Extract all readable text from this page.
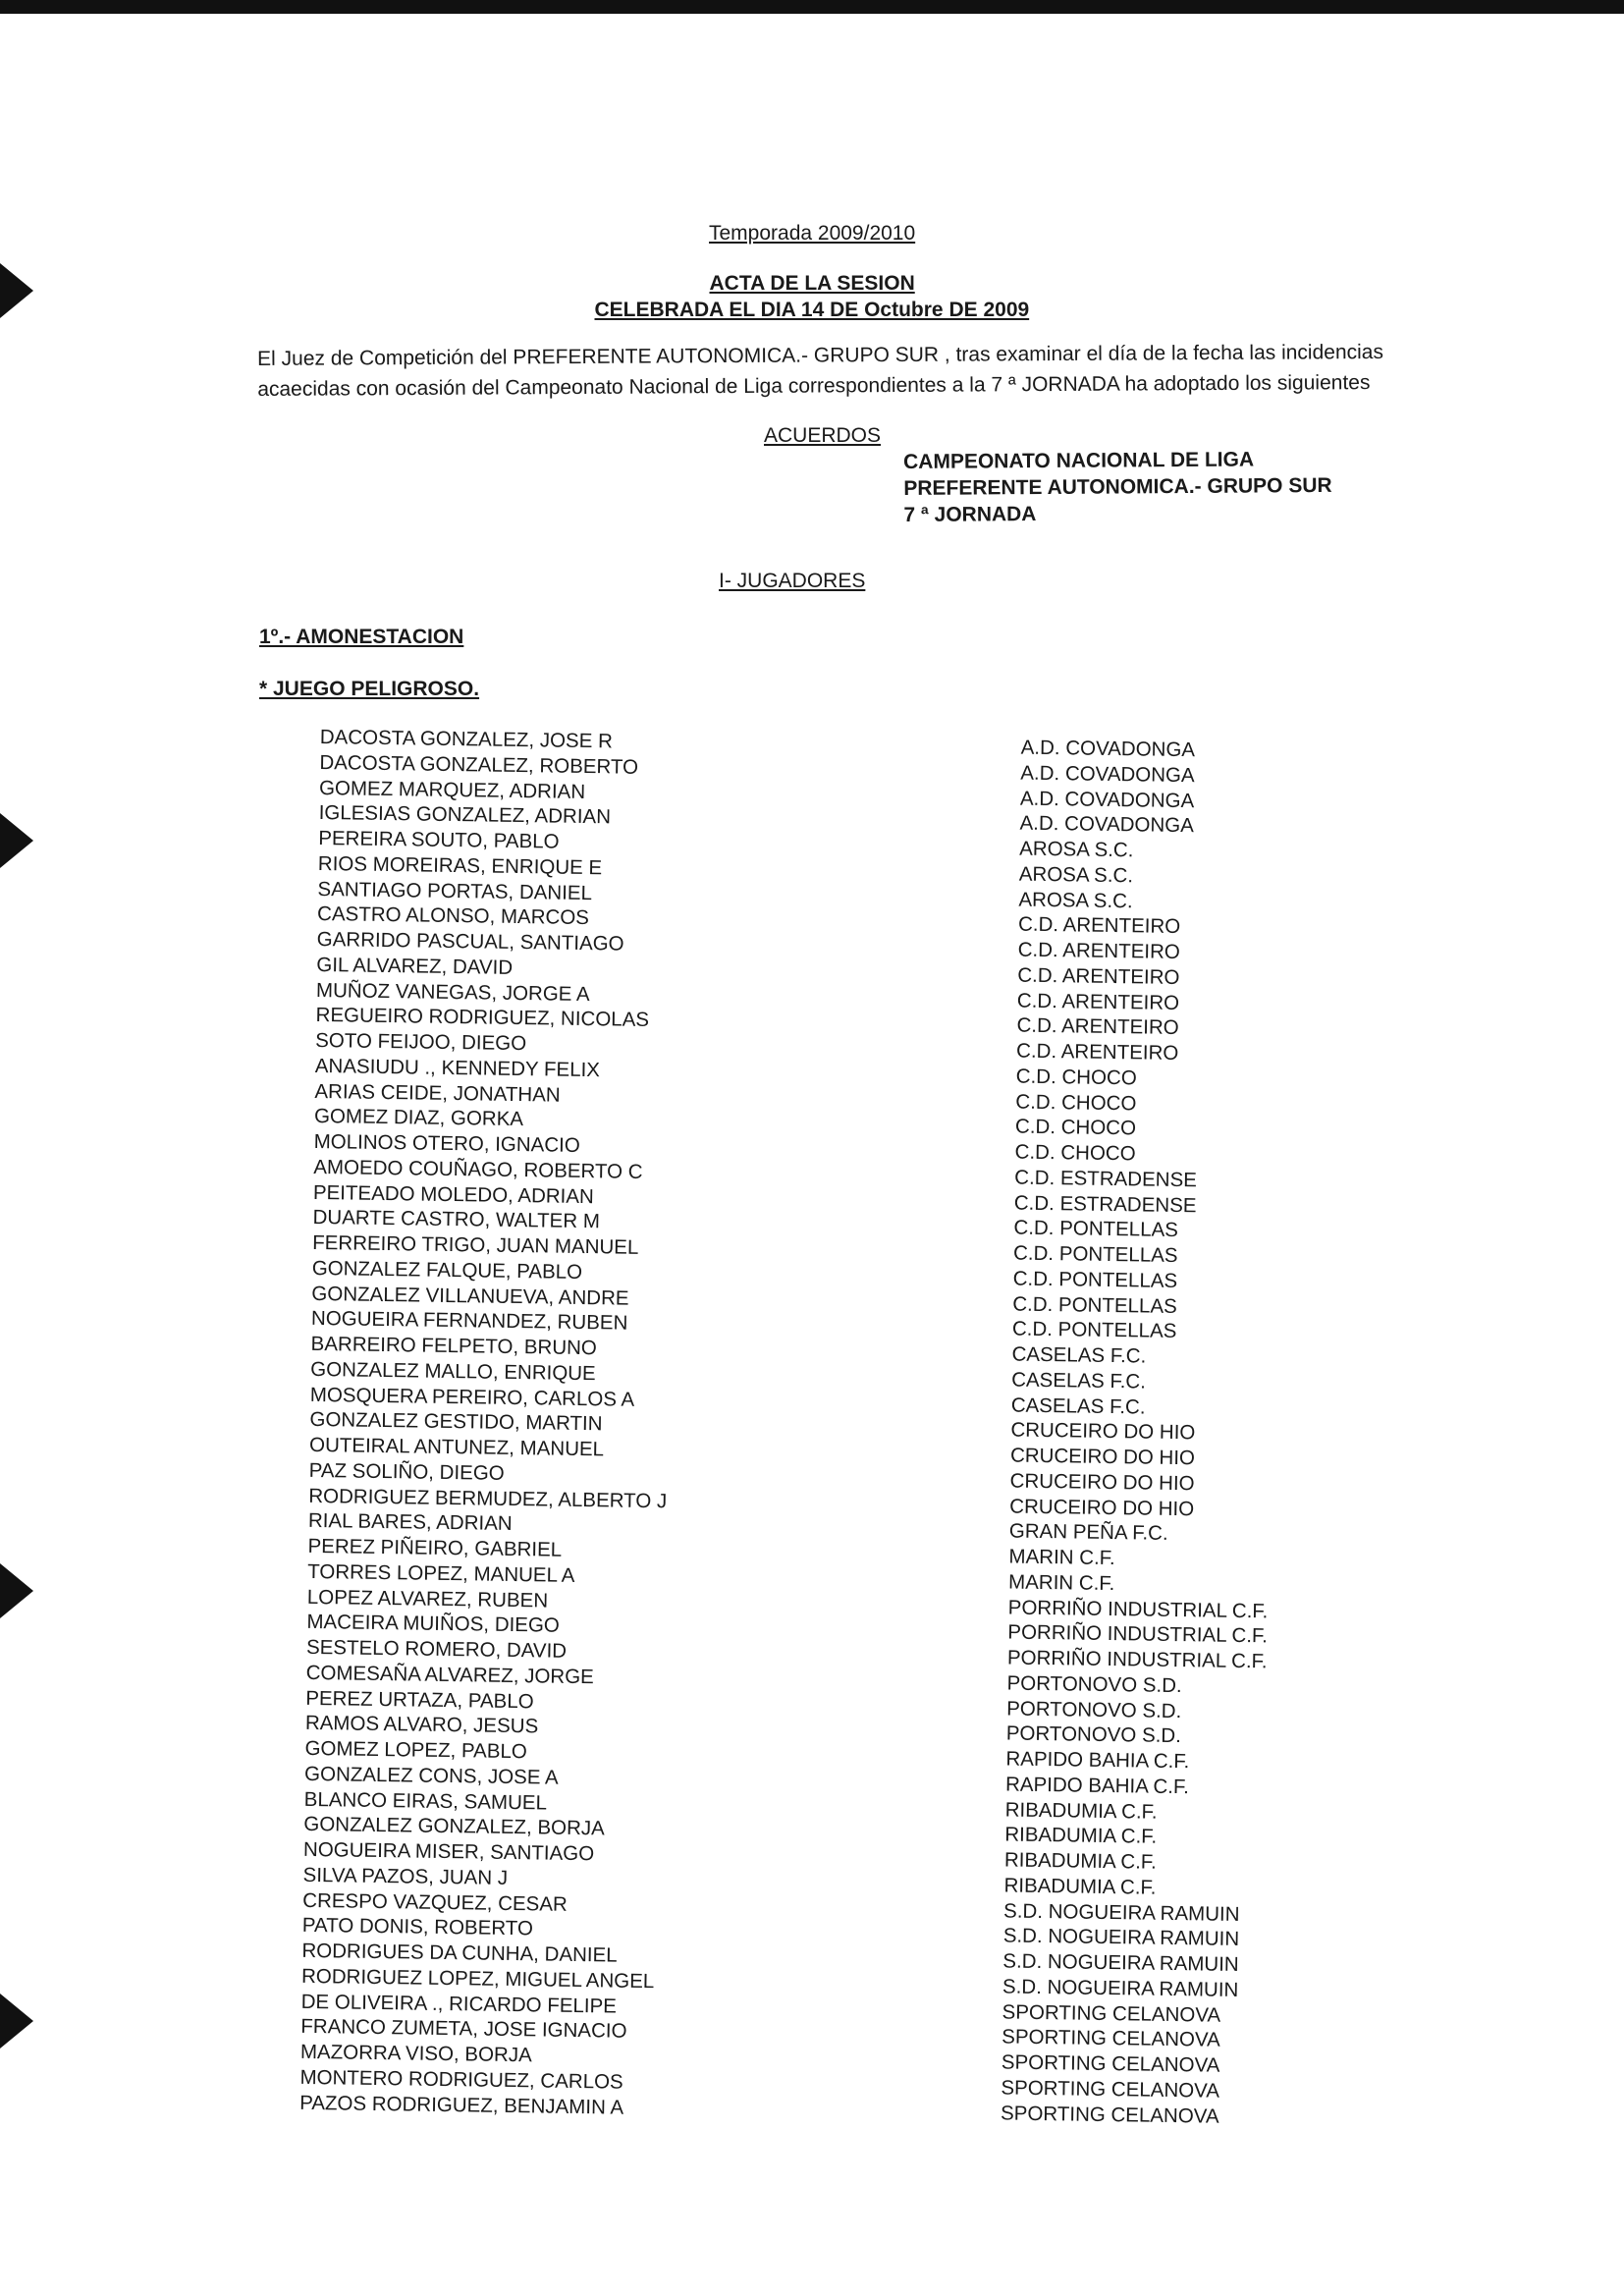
Temporada 2009/2010
ACTA DE LA SESION
CELEBRADA EL DIA 14 DE Octubre DE 2009
El Juez de Competición del PREFERENTE AUTONOMICA.- GRUPO SUR , tras examinar el día de la fecha las incidencias acaecidas con ocasión del Campeonato Nacional de Liga correspondientes a la 7 ª JORNADA ha adoptado los siguientes
ACUERDOS
CAMPEONATO NACIONAL DE LIGA
PREFERENTE AUTONOMICA.- GRUPO SUR
7 ª JORNADA
I- JUGADORES
1º.- AMONESTACION
* JUEGO PELIGROSO.
DACOSTA GONZALEZ, JOSE R	A.D. COVADONGA
DACOSTA GONZALEZ, ROBERTO	A.D. COVADONGA
GOMEZ MARQUEZ, ADRIAN	A.D. COVADONGA
IGLESIAS GONZALEZ, ADRIAN	A.D. COVADONGA
PEREIRA SOUTO, PABLO	AROSA S.C.
RIOS MOREIRAS, ENRIQUE E	AROSA S.C.
SANTIAGO PORTAS, DANIEL	AROSA S.C.
CASTRO ALONSO, MARCOS	C.D. ARENTEIRO
GARRIDO PASCUAL, SANTIAGO	C.D. ARENTEIRO
GIL ALVAREZ, DAVID	C.D. ARENTEIRO
MUÑOZ VANEGAS, JORGE A	C.D. ARENTEIRO
REGUEIRO RODRIGUEZ, NICOLAS	C.D. ARENTEIRO
SOTO FEIJOO, DIEGO	C.D. ARENTEIRO
ANASIUDU ., KENNEDY FELIX	C.D. CHOCO
ARIAS CEIDE, JONATHAN	C.D. CHOCO
GOMEZ DIAZ, GORKA	C.D. CHOCO
MOLINOS OTERO, IGNACIO	C.D. CHOCO
AMOEDO COUÑAGO, ROBERTO C	C.D. ESTRADENSE
PEITEADO MOLEDO, ADRIAN	C.D. ESTRADENSE
DUARTE CASTRO, WALTER M	C.D. PONTELLAS
FERREIRO TRIGO, JUAN MANUEL	C.D. PONTELLAS
GONZALEZ FALQUE, PABLO	C.D. PONTELLAS
GONZALEZ VILLANUEVA, ANDRE	C.D. PONTELLAS
NOGUEIRA FERNANDEZ, RUBEN	C.D. PONTELLAS
BARREIRO FELPETO, BRUNO	CASELAS F.C.
GONZALEZ MALLO, ENRIQUE	CASELAS F.C.
MOSQUERA PEREIRO, CARLOS A	CASELAS F.C.
GONZALEZ GESTIDO, MARTIN	CRUCEIRO DO HIO
OUTEIRAL ANTUNEZ, MANUEL	CRUCEIRO DO HIO
PAZ SOLIÑO, DIEGO	CRUCEIRO DO HIO
RODRIGUEZ BERMUDEZ, ALBERTO J	CRUCEIRO DO HIO
RIAL BARES, ADRIAN	GRAN PEÑA F.C.
PEREZ PIÑEIRO, GABRIEL	MARIN C.F.
TORRES LOPEZ, MANUEL A	MARIN C.F.
LOPEZ ALVAREZ, RUBEN	PORRIÑO INDUSTRIAL C.F.
MACEIRA MUIÑOS, DIEGO	PORRIÑO INDUSTRIAL C.F.
SESTELO ROMERO, DAVID	PORRIÑO INDUSTRIAL C.F.
COMESAÑA ALVAREZ, JORGE	PORTONOVO S.D.
PEREZ URTAZA, PABLO	PORTONOVO S.D.
RAMOS ALVARO, JESUS	PORTONOVO S.D.
GOMEZ LOPEZ, PABLO	RAPIDO BAHIA C.F.
GONZALEZ CONS, JOSE A	RAPIDO BAHIA C.F.
BLANCO EIRAS, SAMUEL	RIBADUMIA C.F.
GONZALEZ GONZALEZ, BORJA	RIBADUMIA C.F.
NOGUEIRA MISER, SANTIAGO	RIBADUMIA C.F.
SILVA PAZOS, JUAN J	RIBADUMIA C.F.
CRESPO VAZQUEZ, CESAR	S.D. NOGUEIRA RAMUIN
PATO DONIS, ROBERTO	S.D. NOGUEIRA RAMUIN
RODRIGUES DA CUNHA, DANIEL	S.D. NOGUEIRA RAMUIN
RODRIGUEZ LOPEZ, MIGUEL ANGEL	S.D. NOGUEIRA RAMUIN
DE OLIVEIRA ., RICARDO FELIPE	SPORTING CELANOVA
FRANCO ZUMETA, JOSE IGNACIO	SPORTING CELANOVA
MAZORRA VISO, BORJA	SPORTING CELANOVA
MONTERO RODRIGUEZ, CARLOS	SPORTING CELANOVA
PAZOS RODRIGUEZ, BENJAMIN A	SPORTING CELANOVA
